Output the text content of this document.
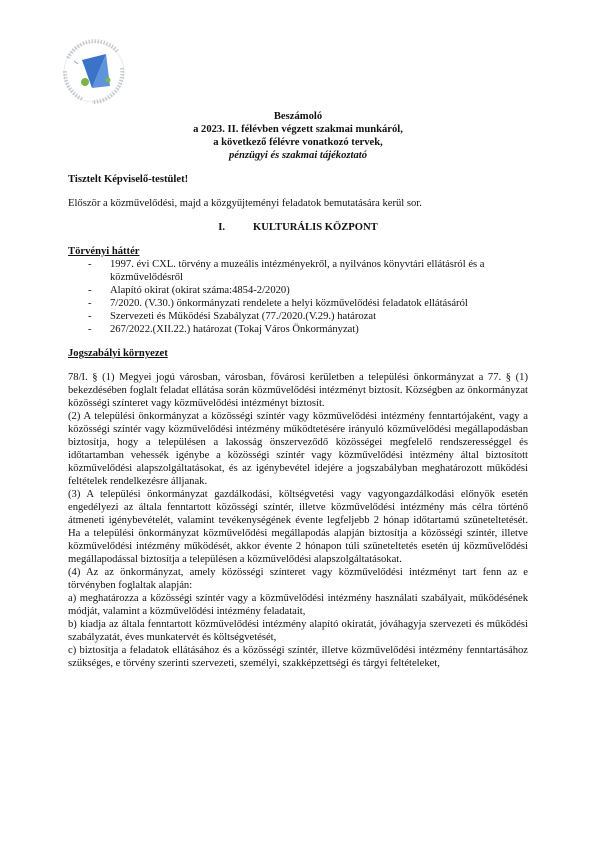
Beszámoló
a 2023. II. félévben végzett szakmai munkáról,
a következő félévre vonatkozó tervek,
pénzügyi és szakmai tájékoztató
Tisztelt Képviselő-testület!
Először a közművelődési, majd a közgyűjteményi feladatok bemutatására kerül sor.
I.	KULTURÁLIS KÖZPONT
Törvényi háttér
-	1997. évi CXL. törvény a muzeális intézményekről, a nyilvános könyvtári ellátásról és a közművelődésről
-	Alapító okirat (okirat száma:4854-2/2020)
-	7/2020. (V.30.) önkormányzati rendelete a helyi közművelődési feladatok ellátásáról
-	Szervezeti és Működési Szabályzat (77./2020.(V.29.) határozat
-	267/2022.(XII.22.) határozat (Tokaj Város Önkormányzat)
Jogszabályi környezet

78/I. § (1) Megyei jogú városban, városban, fővárosi kerületben a települési önkormányzat a 77. § (1) bekezdésében foglalt feladat ellátása során közművelődési intézményt biztosít. Községben az önkormányzat közösségi színteret vagy közművelődési intézményt biztosít.

(2) A települési önkormányzat a közösségi színtér vagy közművelődési intézmény fenntartójaként, vagy a közösségi színtér vagy közművelődési intézmény működtetésére irányuló közművelődési megállapodásban biztosítja, hogy a településen a lakosság önszerveződő közösségei megfelelő rendszerességgel és időtartamban vehessék igénybe a közösségi színtér vagy közművelődési intézmény által biztosított közművelődési alapszolgáltatásokat, és az igénybevétel idejére a jogszabályban meghatározott működési feltételek rendelkezésre álljanak.

(3) A települési önkormányzat gazdálkodási, költségvetési vagy vagyongazdálkodási előnyök esetén engedélyezi az általa fenntartott közösségi színtér, illetve közművelődési intézmény más célra történő átmeneti igénybevételét, valamint tevékenységének évente legfeljebb 2 hónap időtartamú szüneteltetését. Ha a települési önkormányzat közművelődési megállapodás alapján biztosítja a közösségi színtér, illetve közművelődési intézmény működését, akkor évente 2 hónapon túli szüneteltetés esetén új közművelődési megállapodással biztosítja a településen a közművelődési alapszolgáltatásokat.

(4) Az az önkormányzat, amely közösségi színteret vagy közművelődési intézményt tart fenn az e törvényben foglaltak alapján:

a) meghatározza a közösségi színtér vagy a közművelődési intézmény használati szabályait, működésének módját, valamint a közművelődési intézmény feladatait,

b) kiadja az általa fenntartott közművelődési intézmény alapító okiratát, jóváhagyja szervezeti és működési szabályzatát, éves munkatervét és költségvetését,

c) biztosítja a feladatok ellátásához és a közösségi színtér, illetve közművelődési intézmény fenntartásához szükséges, e törvény szerinti szervezeti, személyi, szakképzettségi és tárgyi feltételeket,
